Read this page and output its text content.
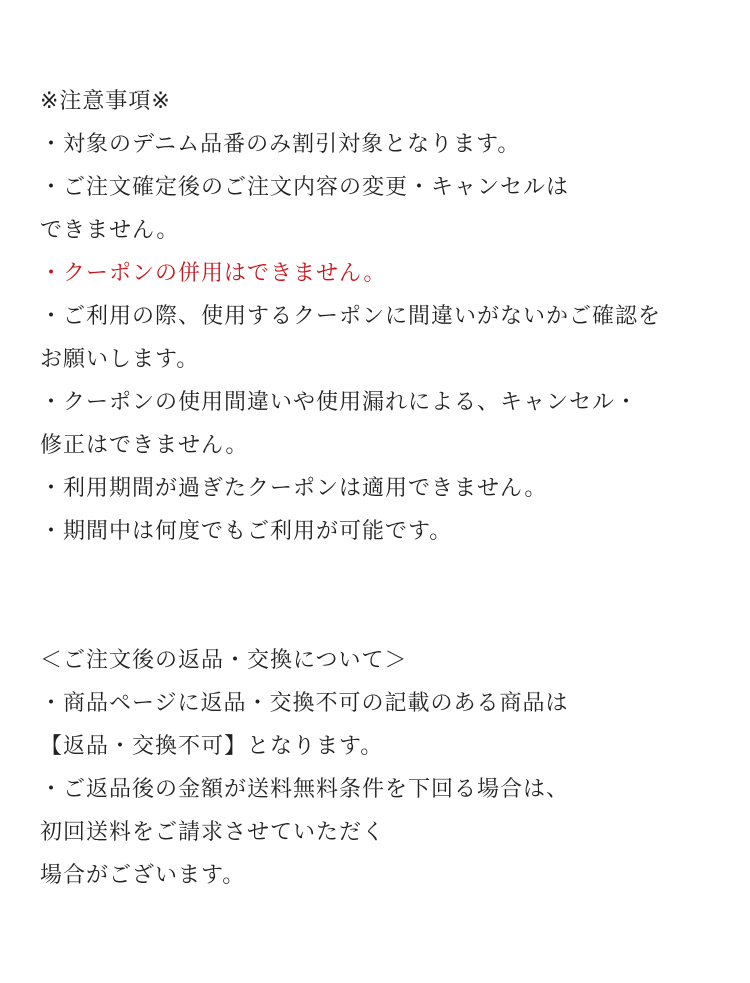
※注意事項※
・対象のデニム品番のみ割引対象となります。
・ご注文確定後のご注文内容の変更・キャンセルは
できません。
・クーポンの併用はできません。
・ご利用の際、使用するクーポンに間違いがないかご確認を
お願いします。
・クーポンの使用間違いや使用漏れによる、キャンセル・
修正はできません。
・利用期間が過ぎたクーポンは適用できません。
・期間中は何度でもご利用が可能です。
＜ご注文後の返品・交換について＞
・商品ページに返品・交換不可の記載のある商品は
【返品・交換不可】となります。
・ご返品後の金額が送料無料条件を下回る場合は、
初回送料をご請求させていただく
場合がございます。
